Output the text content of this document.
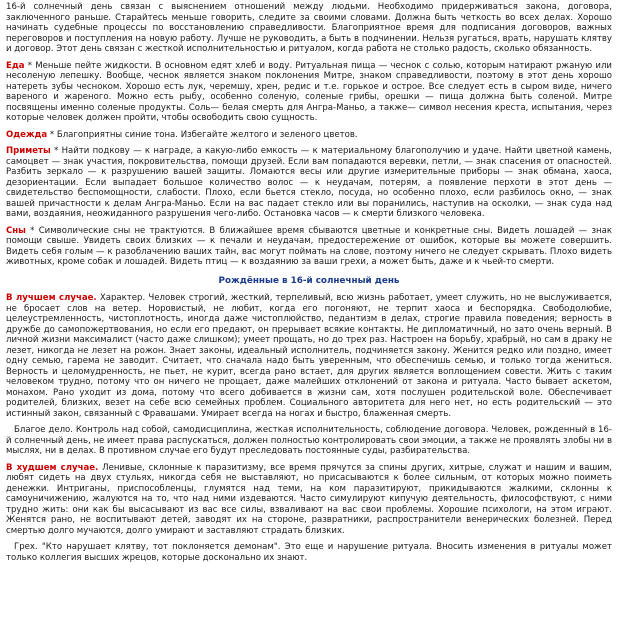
16-й солнечный день связан с выяснением отношений между людьми. Необходимо придерживаться закона, договора, заключенного раньше. Старайтесь меньше говорить, следите за своими словами. Должна быть четкость во всех делах. Хорошо начинать судебные процессы по восстановлению справедливости. Благоприятное время для подписания договоров, важных переговоров и поступления на новую работу. Лучше не руководить, а быть в подчинении. Нельзя ругаться, врать, нарушать клятву и договор. Этот день связан с жесткой исполнительностью и ритуалом, когда работа не столько радость, сколько обязанность.

Еда * Меньше пейте жидкости. В основном едят хлеб и воду. Ритуальная пища — чеснок с солью, которым натирают ржаную или несоленую лепешку. Вообще, чеснок является знаком поклонения Митре, знаком справедливости, поэтому в этот день хорошо натереть зубы чесноком. Хорошо есть лук, черемшу, хрен, редис и т.е. горькое и острое. Все следует есть в сыром виде, ничего вареного и жареного. Можно есть рыбу, особенно соленую, соленые грибы, орешки — пища должна быть соленой. Митре посвящены именно соленые продукты. Соль— белая смерть для Ангра-Маньо, а также— символ несения креста, испытания, через которые человек должен пройти, чтобы освободить свою сущность.

Одежда * Благоприятны синие тона. Избегайте желтого и зеленого цветов.

Приметы * Найти подкову — к награде, а какую-либо емкость — к материальному благополучию и удаче. Найти цветной камень, самоцвет — знак участия, покровительства, помощи друзей. Если вам попадаются веревки, петли, — знак спасения от опасностей. Разбить зеркало — к разрушению вашей защиты. Ломаются весы или другие измерительные приборы — знак обмана, хаоса, дезориентации. Если выпадает большое количество волос — к неудачам, потерям, а появление перхоти в этот день — свидетельство беспомощности, слабости. Плохо, если бьется стекло, посуда, но особенно плохо, если разбилось окно, — знак вашей причастности к делам Ангра-Маньо. Если на вас падает стекло или вы поранились, наступив на осколки, — знак суда над вами, воздаяния, неожиданного разрушения чего-либо. Остановка часов — к смерти близкого человека.

Сны * Символические сны не трактуются. В ближайшее время сбываются цветные и конкретные сны. Видеть лошадей — знак помощи свыше. Увидеть своих близких — к печали и неудачам, предостережение от ошибок, которые вы можете совершить. Видеть себя голым — к разоблачению ваших тайн, вас могут поймать на слове, поэтому ничего не следует скрывать. Плохо видеть животных, кроме собак и лошадей. Видеть птиц — к воздаянию за ваши грехи, а может быть, даже и к чьей-то смерти.

Рождённые в 16-й солнечный день

В лучшем случае. Характер. Человек строгий, жесткий, терпеливый, всю жизнь работает, умеет служить, но не выслуживается, не бросает слов на ветер. Норовистый, не любит, когда его погоняют, не терпит хаоса и беспорядка. Свободолюбие, целеустремленность, чистоплотность, иногда даже чистоплюйство, педантизм в делах, строгие правила поведения; верность в дружбе до самопожертвования, но если его предают, он прерывает всякие контакты. Не дипломатичный, но зато очень верный. В личной жизни максималист (часто даже слишком); умеет прощать, но до трех раз. Настроен на борьбу, храбрый, но сам в драку не лезет, никогда не лезет на рожон. Знает законы, идеальный исполнитель, подчиняется закону. Женится редко или поздно, имеет одну семью, гарема не заводит. Считает, что сначала надо быть уверенным, что обеспечишь семью, и только тогда жениться. Верность и целомудренность, не пьет, не курит, всегда рано встает, для других является воплощением совести. Жить с таким человеком трудно, потому что он ничего не прощает, даже малейших отклонений от закона и ритуала. Часто бывает аскетом, монахом. Рано уходит из дома, потому что всего добивается в жизни сам, хотя послушен родительской воле. Обеспечивает родителей, близких, везет на себе всю семейных проблем. Социального авторитета для него нет, но есть родительский — это истинный закон, связанный с Фравашами. Умирает всегда на ногах и быстро, блаженная смерть.

Благое дело. Контроль над собой, самодисциплина, жесткая исполнительность, соблюдение договора. Человек, рожденный в 16-й солнечный день, не имеет права распускаться, должен полностью контролировать свои эмоции, а также не проявлять злобы ни в мыслях, ни в делах. В противном случае его будут преследовать постоянные суды, разбирательства.

В худшем случае. Ленивые, склонные к паразитизму, все время прячутся за спины других, хитрые, служат и нашим и вашим, любят сидеть на двух стульях, никогда себя не выставляют, но присасываются к более сильным, от которых можно поиметь денежки. Интриганы, приспособленцы, глумятся над теми, на ком паразитируют, прикидываются жалкими, склонны к самоуничижению, жалуются на то, что над ними издеваются. Часто симулируют кипучую деятельность, философствуют, с ними трудно жить: они как бы высасывают из вас все силы, взваливают на вас свои проблемы. Хорошие психологи, на этом играют. Женятся рано, не воспитывают детей, заводят их на стороне, развратники, распространители венерических болезней. Перед смертью долго мучаются, долго умирают и заставляют страдать близких.

Грех. "Кто нарушает клятву, тот поклоняется демонам". Это еще и нарушение ритуала. Вносить изменения в ритуалы может только коллегия высших жрецов, которые досконально их знают.
